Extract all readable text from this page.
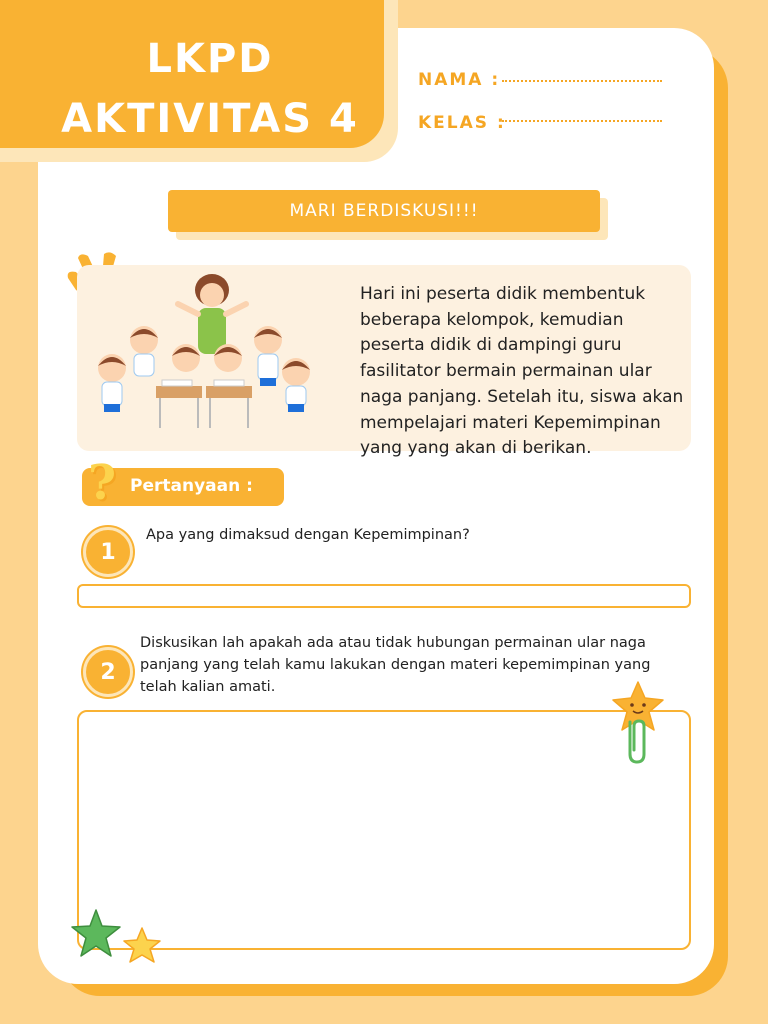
LKPD
AKTIVITAS 4
NAMA :
KELAS :
MARI BERDISKUSI!!!
Hari ini peserta didik membentuk beberapa kelompok, kemudian peserta didik di dampingi guru fasilitator bermain permainan ular naga panjang. Setelah itu, siswa akan mempelajari materi Kepemimpinan yang yang akan di berikan.
Pertanyaan :
?
1
Apa yang dimaksud dengan Kepemimpinan?
2
Diskusikan lah apakah ada atau tidak hubungan permainan ular naga panjang yang telah kamu lakukan dengan materi kepemimpinan yang telah kalian amati.
